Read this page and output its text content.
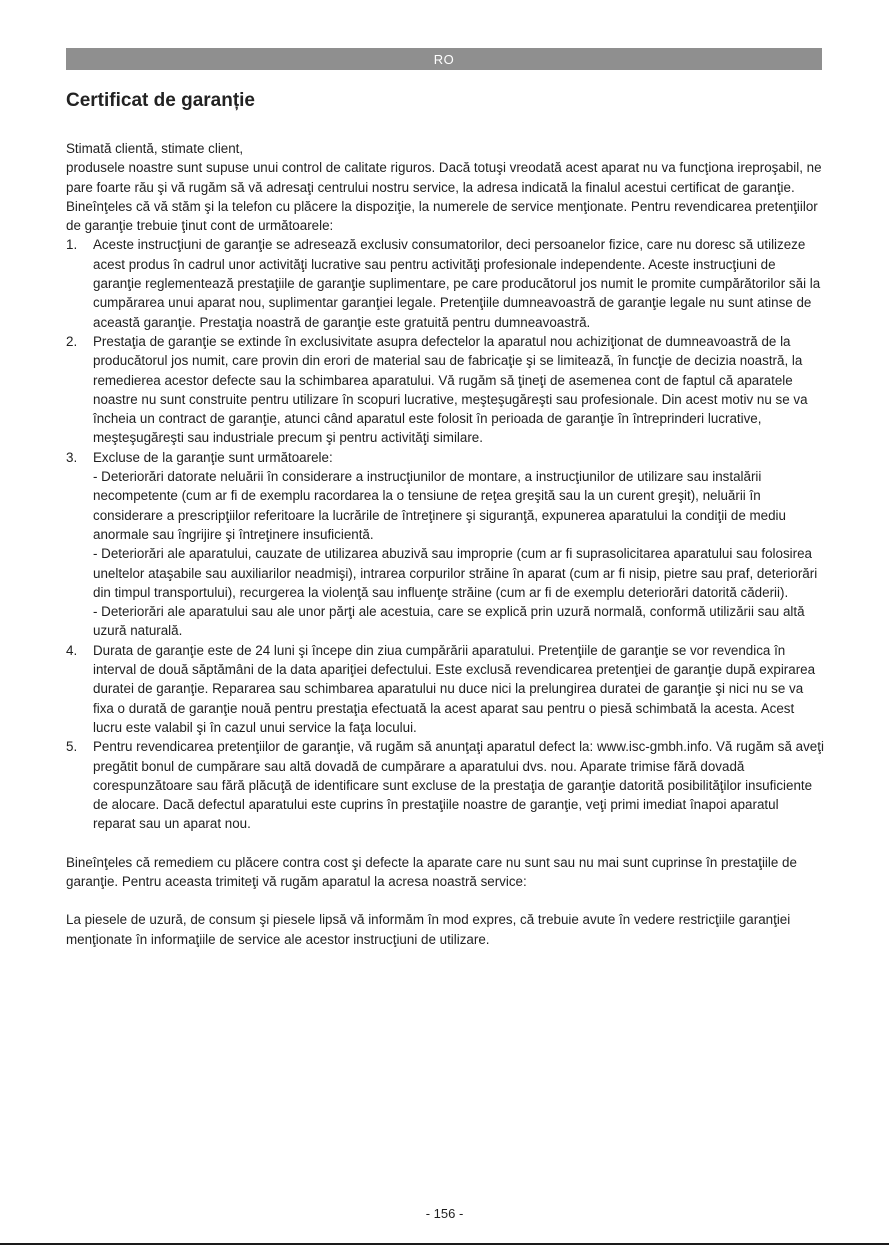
RO
Certificat de garanție

Stimată clientă, stimate client,

produsele noastre sunt supuse unui control de calitate riguros. Dacă totuşi vreodată acest aparat nu va funcţiona ireproşabil, ne pare foarte rău şi vă rugăm să vă adresaţi centrului nostru service, la adresa indicată la finalul acestui certificat de garanţie. Bineînţeles că vă stăm şi la telefon cu plăcere la dispoziţie, la numerele de service menţionate. Pentru revendicarea pretenţiilor de garanţie trebuie ţinut cont de următoarele:

1. Aceste instrucţiuni de garanţie se adresează exclusiv consumatorilor, deci persoanelor fizice, care nu doresc să utilizeze acest produs în cadrul unor activităţi lucrative sau pentru activităţi profesionale independente. Aceste instrucţiuni de garanţie reglementează prestaţiile de garanţie suplimentare, pe care producătorul jos numit le promite cumpărătorilor săi la cumpărarea unui aparat nou, suplimentar garanţiei legale. Pretenţiile dumneavoastră de garanţie legale nu sunt atinse de această garanţie. Prestaţia noastră de garanţie este gratuită pentru dumneavoastră.
2. Prestaţia de garanţie se extinde în exclusivitate asupra defectelor la aparatul nou achiziţionat de dumneavoastră de la producătorul jos numit, care provin din erori de material sau de fabricaţie şi se limitează, în funcţie de decizia noastră, la remedierea acestor defecte sau la schimbarea aparatului. Vă rugăm să ţineţi de asemenea cont de faptul că aparatele noastre nu sunt construite pentru utilizare în scopuri lucrative, meşteşugăreşti sau profesionale. Din acest motiv nu se va încheia un contract de garanţie, atunci când aparatul este folosit în perioada de garanţie în întreprinderi lucrative, meşteşugăreşti sau industriale precum şi pentru activităţi similare.
3. Excluse de la garanţie sunt următoarele:
- Deteriorări datorate neluării în considerare a instrucţiunilor de montare, a instrucţiunilor de utilizare sau instalării necompetente (cum ar fi de exemplu racordarea la o tensiune de reţea greşită sau la un curent greşit), neluării în considerare a prescripţiilor referitoare la lucrările de întreţinere şi siguranţă, expunerea aparatului la condiţii de mediu anormale sau îngrijire şi întreţinere insuficientă.
- Deteriorări ale aparatului, cauzate de utilizarea abuzivă sau improprie (cum ar fi suprasolicitarea aparatului sau folosirea uneltelor ataşabile sau auxiliarilor neadmişi), intrarea corpurilor străine în aparat (cum ar fi nisip, pietre sau praf, deteriorări din timpul transportului), recurgerea la violenţă sau influenţe străine (cum ar fi de exemplu deteriorări datorită căderii).
- Deteriorări ale aparatului sau ale unor părţi ale acestuia, care se explică prin uzură normală, conformă utilizării sau altă uzură naturală.
4. Durata de garanţie este de 24 luni şi începe din ziua cumpărării aparatului. Pretenţiile de garanţie se vor revendica în interval de două săptămâni de la data apariţiei defectului. Este exclusă revendicarea pretenţiei de garanţie după expirarea duratei de garanţie. Repararea sau schimbarea aparatului nu duce nici la prelungirea duratei de garanţie şi nici nu se va fixa o durată de garanţie nouă pentru prestaţia efectuată la acest aparat sau pentru o piesă schimbată la acesta. Acest lucru este valabil şi în cazul unui service la faţa locului.
5. Pentru revendicarea pretenţiilor de garanţie, vă rugăm să anunţaţi aparatul defect la: www.isc-gmbh.info. Vă rugăm să aveţi pregătit bonul de cumpărare sau altă dovadă de cumpărare a aparatului dvs. nou. Aparate trimise fără dovadă corespunzătoare sau fără plăcuţă de identificare sunt excluse de la prestaţia de garanţie datorită posibilităţilor insuficiente de alocare. Dacă defectul aparatului este cuprins în prestaţiile noastre de garanţie, veţi primi imediat înapoi aparatul reparat sau un aparat nou.

Bineînţeles că remediem cu plăcere contra cost şi defecte la aparate care nu sunt sau nu mai sunt cuprinse în prestaţiile de garanţie. Pentru aceasta trimiteţi vă rugăm aparatul la acresa noastră service:

La piesele de uzură, de consum şi piesele lipsă vă informăm în mod expres, că trebuie avute în vedere restricţiile garanţiei menţionate în informaţiile de service ale acestor instrucţiuni de utilizare.

- 156 -
